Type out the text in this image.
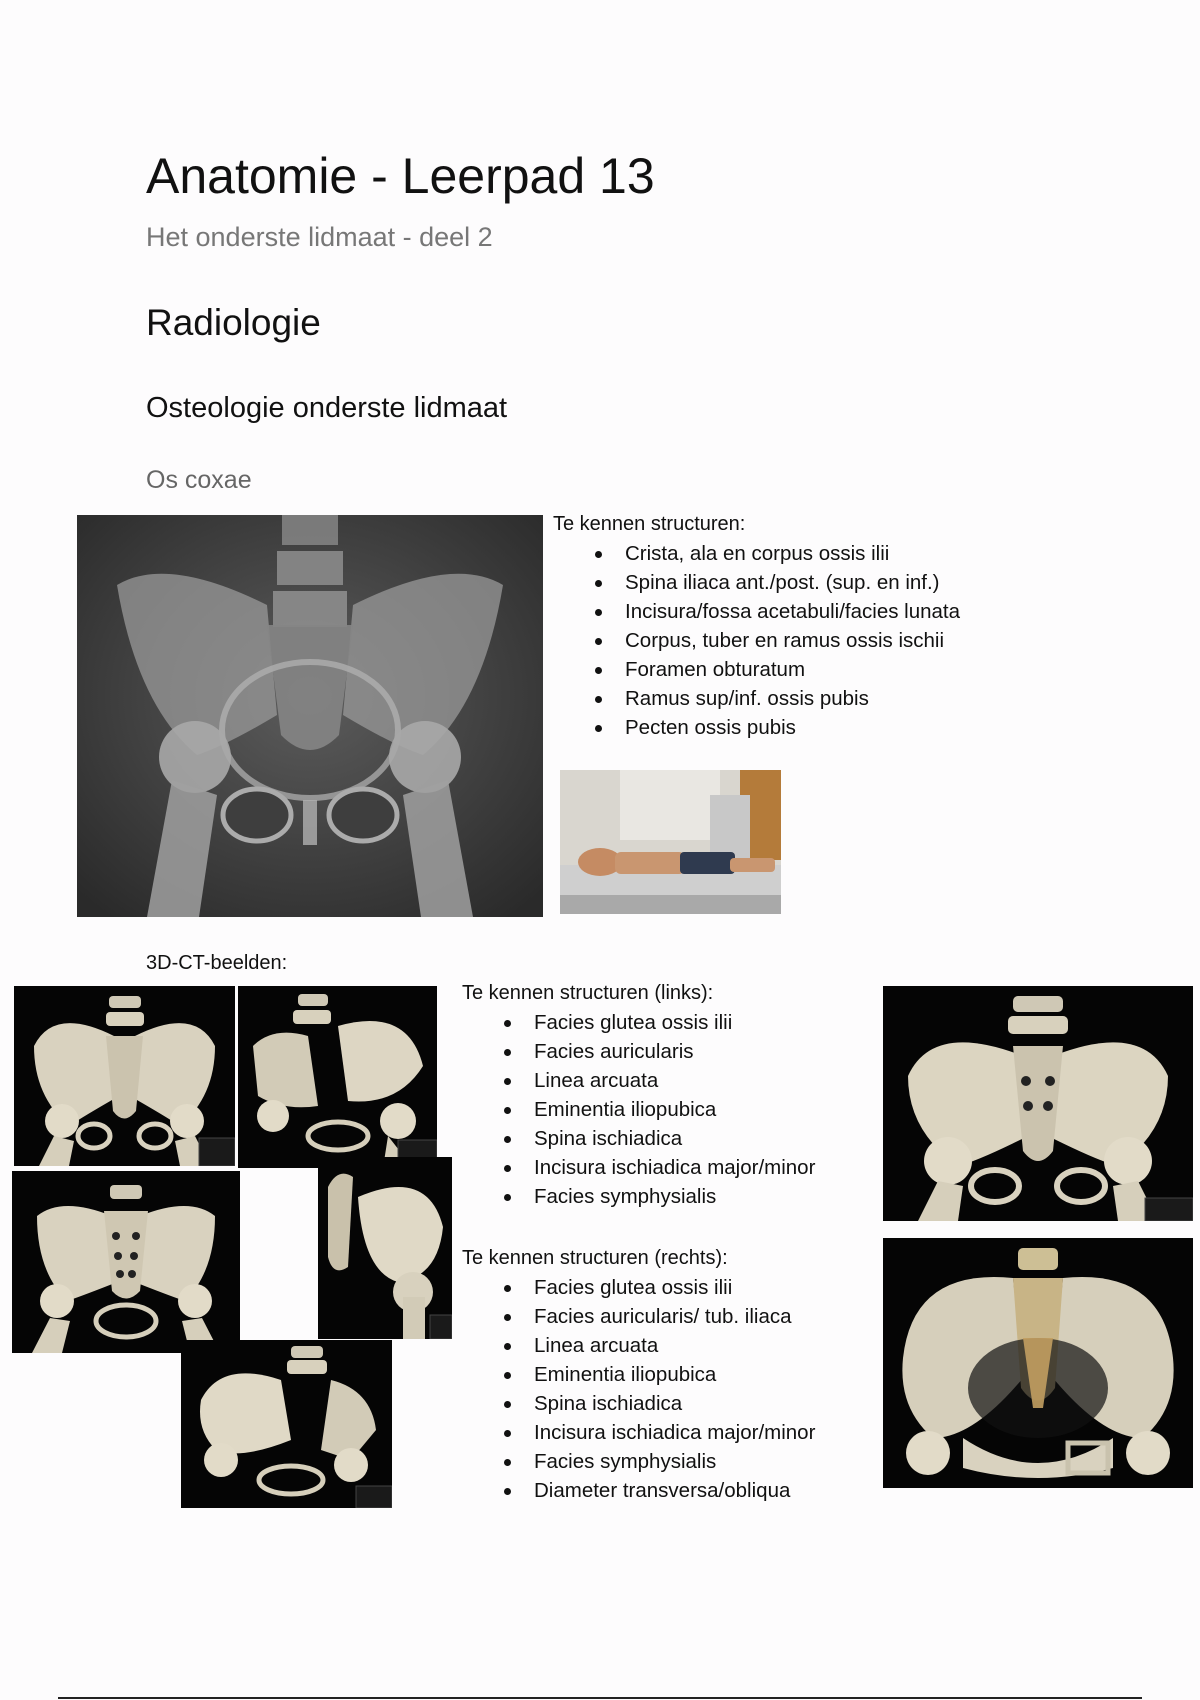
Anatomie - Leerpad 13
Het onderste lidmaat - deel 2
Radiologie
Osteologie onderste lidmaat
Os coxae
Te kennen structuren:
Crista, ala en corpus ossis ilii
Spina iliaca ant./post. (sup. en inf.)
Incisura/fossa acetabuli/facies lunata
Corpus, tuber en ramus ossis ischii
Foramen obturatum
Ramus sup/inf. ossis pubis
Pecten ossis pubis
3D-CT-beelden:
Te kennen structuren (links):
Facies glutea ossis ilii
Facies auricularis
Linea arcuata
Eminentia iliopubica
Spina ischiadica
Incisura ischiadica major/minor
Facies symphysialis
Te kennen structuren (rechts):
Facies glutea ossis ilii
Facies auricularis/ tub. iliaca
Linea arcuata
Eminentia iliopubica
Spina ischiadica
Incisura ischiadica major/minor
Facies symphysialis
Diameter transversa/obliqua
